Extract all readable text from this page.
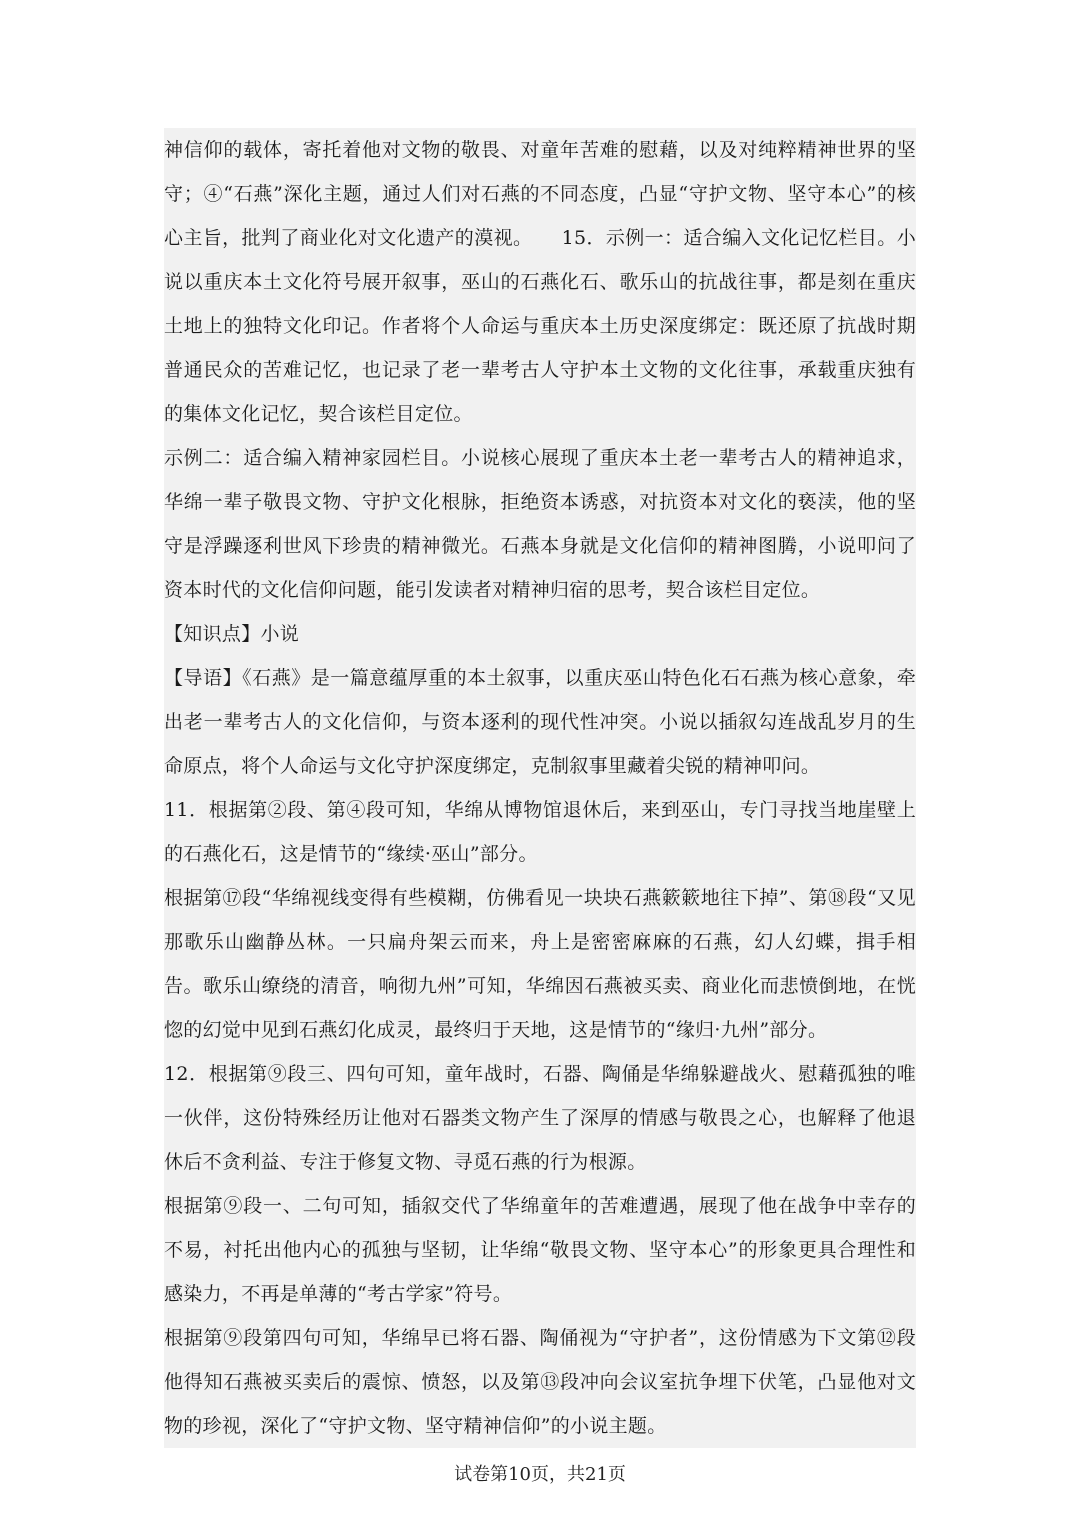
神信仰的载体，寄托着他对文物的敬畏、对童年苦难的慰藉，以及对纯粹精神世界的坚守；④“石燕”深化主题，通过人们对石燕的不同态度，凸显“守护文物、坚守本心”的核心主旨，批判了商业化对文化遗产的漠视。　　15．示例一：适合编入文化记忆栏目。小说以重庆本土文化符号展开叙事，巫山的石燕化石、歌乐山的抗战往事，都是刻在重庆土地上的独特文化印记。作者将个人命运与重庆本土历史深度绑定：既还原了抗战时期普通民众的苦难记忆，也记录了老一辈考古人守护本土文物的文化往事，承载重庆独有的集体文化记忆，契合该栏目定位。

示例二：适合编入精神家园栏目。小说核心展现了重庆本土老一辈考古人的精神追求，华绵一辈子敬畏文物、守护文化根脉，拒绝资本诱惑，对抗资本对文化的亵渎，他的坚守是浮躁逐利世风下珍贵的精神微光。石燕本身就是文化信仰的精神图腾，小说叩问了资本时代的文化信仰问题，能引发读者对精神归宿的思考，契合该栏目定位。

【知识点】小说

【导语】《石燕》是一篇意蕴厚重的本土叙事，以重庆巫山特色化石石燕为核心意象，牵出老一辈考古人的文化信仰，与资本逐利的现代性冲突。小说以插叙勾连战乱岁月的生命原点，将个人命运与文化守护深度绑定，克制叙事里藏着尖锐的精神叩问。

11．根据第②段、第④段可知，华绵从博物馆退休后，来到巫山，专门寻找当地崖壁上的石燕化石，这是情节的“缘续·巫山”部分。

根据第⑰段“华绵视线变得有些模糊，仿佛看见一块块石燕簌簌地往下掉”、第⑱段“又见那歌乐山幽静丛林。一只扁舟架云而来，舟上是密密麻麻的石燕，幻人幻蝶，揖手相告。歌乐山缭绕的清音，响彻九州”可知，华绵因石燕被买卖、商业化而悲愤倒地，在恍惚的幻觉中见到石燕幻化成灵，最终归于天地，这是情节的“缘归·九州”部分。

12．根据第⑨段三、四句可知，童年战时，石器、陶俑是华绵躲避战火、慰藉孤独的唯一伙伴，这份特殊经历让他对石器类文物产生了深厚的情感与敬畏之心，也解释了他退休后不贪利益、专注于修复文物、寻觅石燕的行为根源。

根据第⑨段一、二句可知，插叙交代了华绵童年的苦难遭遇，展现了他在战争中幸存的不易，衬托出他内心的孤独与坚韧，让华绵“敬畏文物、坚守本心”的形象更具合理性和感染力，不再是单薄的“考古学家”符号。

根据第⑨段第四句可知，华绵早已将石器、陶俑视为“守护者”，这份情感为下文第⑫段他得知石燕被买卖后的震惊、愤怒，以及第⑬段冲向会议室抗争埋下伏笔，凸显他对文物的珍视，深化了“守护文物、坚守精神信仰”的小说主题。

试卷第10页，共21页
